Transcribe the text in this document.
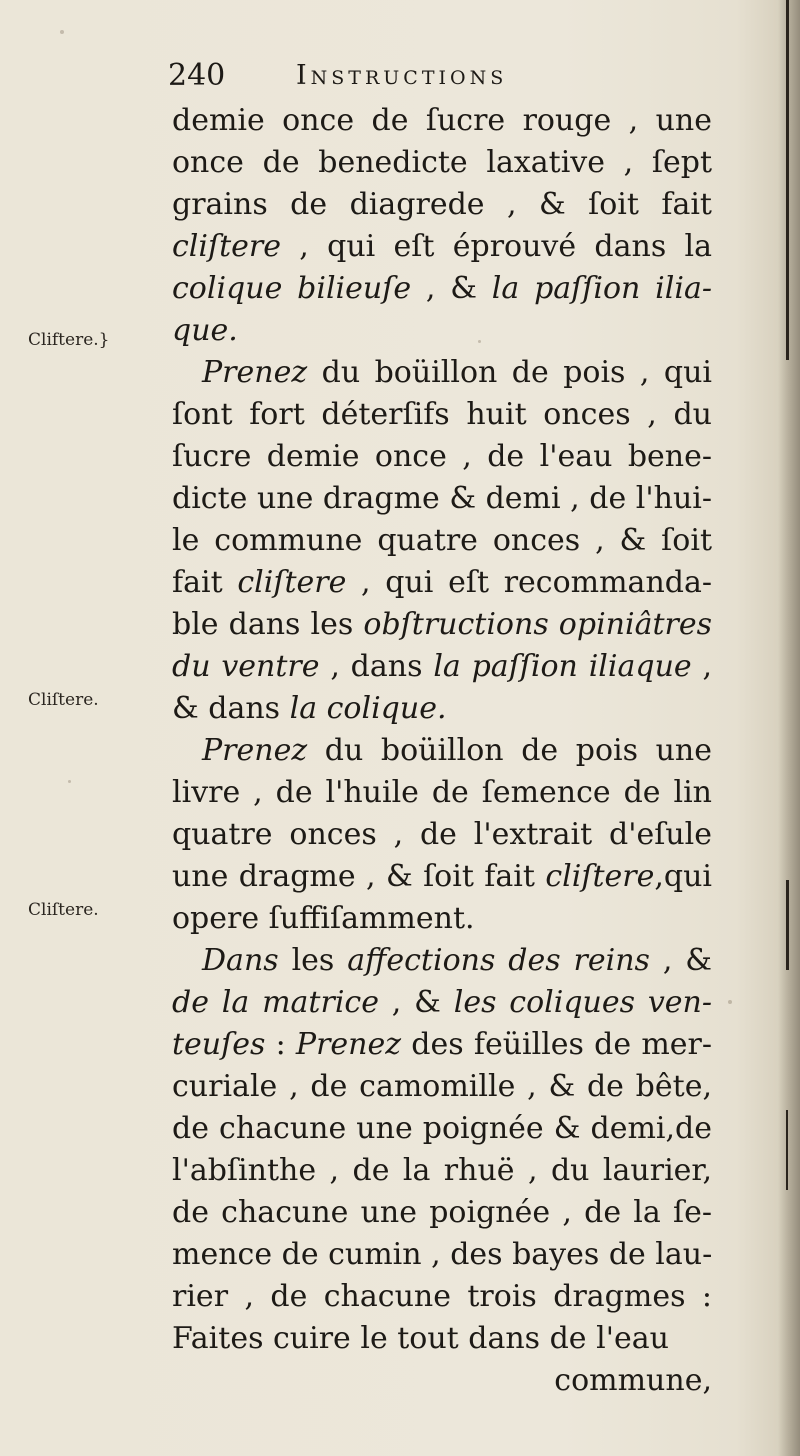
240	Instructions
Cliftere.}
Cliſtere.
Cliſtere.
demie once de ſucre rouge , une
once de benedicte laxative , ſept
grains de diagrede , & ſoit fait
cliſtere , qui eſt éprouvé dans la
colique bilieuſe , & la paſſion ilia-
que.
Prenez du boüillon de pois , qui
ſont fort déterſifs huit onces , du
ſucre demie once , de l'eau bene-
dicte une dragme & demi , de l'hui-
le commune quatre onces , & ſoit
fait cliſtere , qui eſt recommanda-
ble dans les obſtructions opiniâtres
du ventre , dans la paſſion iliaque ,
& dans la colique.
Prenez du boüillon de pois une
livre , de l'huile de ſemence de lin
quatre onces , de l'extrait d'eſule
une dragme , & ſoit fait cliſtere,qui
opere ſuffiſamment.
Dans les affections des reins , &
de la matrice , & les coliques ven-
teuſes : Prenez des feüilles de mer-
curiale , de camomille , & de bête,
de chacune une poignée & demi,de
l'abſinthe , de la rhuë , du laurier,
de chacune une poignée , de la ſe-
mence de cumin , des bayes de lau-
rier , de chacune trois dragmes :
Faites cuire le tout dans de l'eau
commune,
